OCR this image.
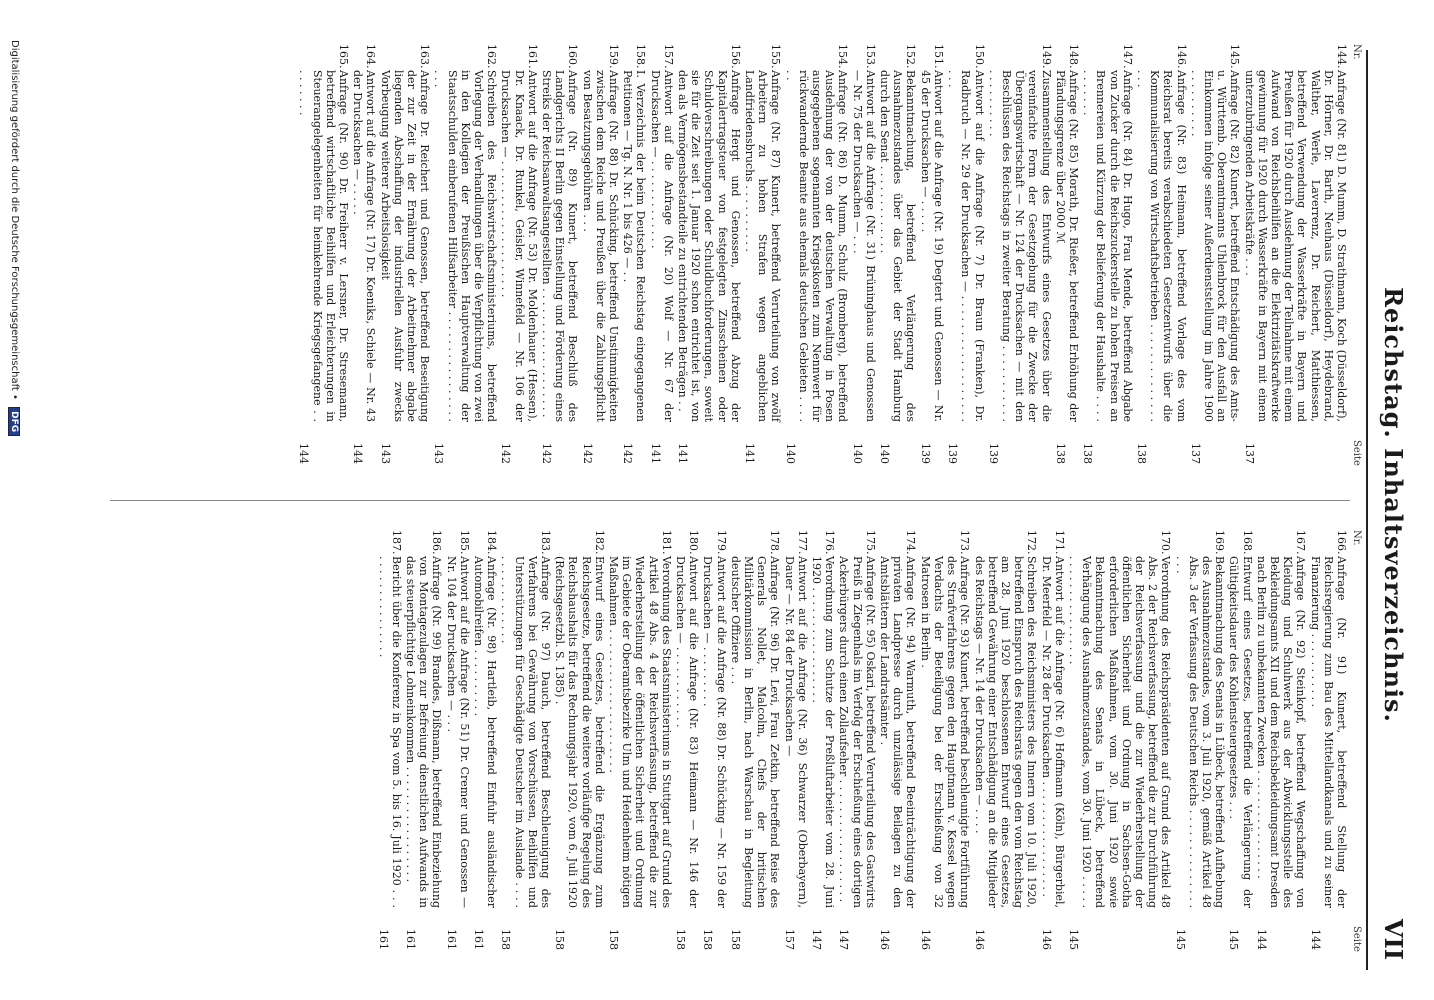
Reichstag. Inhaltsverzeichnis.
VII
Nr.
Seite
Nr.
Seite
144.
Anfrage (Nr. 81) D. Mumm, D. Strathmann, Koch (Düsseldorf), Dr. Hörner, Dr. Barth, Neuhaus (Düsseldorf), Heydebrand, Walther, Werle, Laverrenz, Dr. Reichert, Matthiessen, betreffend Verwendung der Wasserkräfte in Bayern und Preußen für 1920 durch Ausdehnung der Teilnahme mit einem Aufwand von Reichsbeihilfen an die Elektrizitätskraftwerke gewinnung für 1920 durch Wasserkräfte in Bayern mit einem unterzubringenden Arbeitskräfte . . .
137
145.
Anfrage (Nr. 82) Kunert, betreffend Entschädigung des Amts- u. Württemb. Oberamtmanns Uhlenbrock für den Ausfall an Einkommen infolge seiner Außerdienststellung im Jahre 1900 . . . . . . . . . .
137
146.
Anfrage (Nr. 83) Heimann, betreffend Vorlage des vom Reichsrat bereits verabschiedeten Gesetzentwurfs über die Kommunalisierung von Wirtschaftsbetrieben . . . . . . . . . . . . . . . . .
138
147.
Anfrage (Nr. 84) Dr. Hugo, Frau Mende, betreffend Abgabe von Zucker durch die Reichszuckerstelle zu hohen Preisen an Brennereien und Kürzung der Belieferung der Haushalte . . . . . . . . . . .
138
148.
Anfrage (Nr. 85) Morath, Dr. Rießer, betreffend Erhöhung der Pfändungsgrenze über 2000 ℳ
138
149.
Zusammenstellung des Entwurfs eines Gesetzes über die vereinfachte Form der Gesetzgebung für die Zwecke der Übergangswirtschaft — Nr. 124 der Drucksachen — mit den Beschlüssen des Reichstags in zweiter Beratung . . . . . . . . . . . . . . . . . . . . .
139
150.
Antwort auf die Anfrage (Nr. 7) Dr. Braun (Franken), Dr. Radbruch — Nr. 29 der Drucksachen — . . . . . . . . . . . . . . . . . . . . .
139
151.
Antwort auf die Anfrage (Nr. 19) Degtert und Genossen — Nr. 45 der Drucksachen — . . . . .
139
152.
Bekanntmachung, betreffend Verlängerung des Ausnahmezustandes über das Gebiet der Stadt Hamburg durch den Senat . . . . . . . . . . . . .
140
153.
Antwort auf die Anfrage (Nr. 31) Brüninghaus und Genossen — Nr. 75 der Drucksachen — . . .
140
154.
Anfrage (Nr. 86) D. Mumm, Schulz (Bromberg), betreffend Ausdehnung der von der deutschen Verwaltung in Posen ausgegebenen sogenannten Kriegskosten zum Nennwert für rückwandernde Beamte aus ehemals deutschen Gebieten . . . . . .
140
155.
Anfrage (Nr. 87) Kunert, betreffend Verurteilung von zwölf Arbeitern zu hohen Strafen wegen angeblichen Landfriedensbruchs . . . . . . . . . .
141
156.
Anfrage Hergt und Genossen, betreffend Abzug der Kapitalertragsteuer von festgelegten Zinsscheinen oder Schuldverschreibungen oder Schuldbuchforderungen, soweit sie für die Zeit seit 1. Januar 1920 schon entrichtet ist, von den als Vermögensbestandteile zu entrichtenden Beträgen . .
141
157.
Antwort auf die Anfrage (Nr. 20) Wolf — Nr. 67 der Drucksachen — . . . . . . . . . . . . .
141
158.
I. Verzeichnis der beim Deutschen Reichstag eingegangenen Petitionen — Tg. N. Nr. 1 bis 426 — . .
142
159.
Anfrage (Nr. 88) Dr. Schücking, betreffend Unstimmigkeiten zwischen dem Reiche und Preußen über die Zahlungspflicht von Besatzungsgebühren . . .
142
160.
Anfrage (Nr. 89) Kunert, betreffend Beschluß des Landgerichts II Berlin gegen Einstellung und Förderung eines Streiks der Reichsanwaltsangestellten . . . . . . . . . . . . . . . . . . .
142
161.
Antwort auf die Anfrage (Nr. 53) Dr. Moldenhauer (Hessen), Dr. Knaack, Dr. Runkel, Geisler, Winnefeld — Nr. 106 der Drucksachen — . . . . . . . . . . . . . . . . . . . .
142
162.
Schreiben des Reichswirtschaftsministeriums, betreffend Vorlegung der Verhandlungen über die Verpflichtung von zwei in den Kollegien der Preußischen Hauptverwaltung der Staatsschulden einberufenen Hilfsarbeiter . . . . . . . . . . . . . . . . . . .
143
163.
Anfrage Dr. Reichert und Genossen, betreffend Beseitigung der zur Zeit in der Ernährung der Arbeitnehmer abgabe liegenden Abschaffung der industriellen Ausfuhr zwecks Vorbeugung weiterer Arbeitslosigkeit
143
164.
Antwort auf die Anfrage (Nr. 17) Dr. Koeniks, Schiele — Nr. 43 der Drucksachen — . . . . .
144
165.
Anfrage (Nr. 90) Dr. Freiherr v. Lersner, Dr. Stresemann, betreffend wirtschaftliche Beihilfen und Erleichterungen in Steuerangelegenheiten für heimkehrende Kriegsgefangene . . . . . . . . .
144
166.
Anfrage (Nr. 91) Kunert, betreffend Stellung der Reichsregierung zum Bau des Mittellandkanals und zu seiner Finanzierung . . . . . . . . . . .
144
167.
Anfrage (Nr. 92) Steinkopf, betreffend Wegschaffung von Kleidung und Schuhwerk aus der Abwicklungsstelle des Bekleidungsamts XII und dem Reichsbekleidungsamt Dresden nach Berlin zu unbekannten Zwecken . . . . . . . . . . . . . . . .
144
168.
Entwurf eines Gesetzes, betreffend die Verlängerung der Gültigkeitsdauer des Kohlensteuergesetzes . . .
145
169.
Bekanntmachung des Senats in Lübeck, betreffend Aufhebung des Ausnahmezustandes, vom 3. Juli 1920, gemäß Artikel 48 Abs. 3 der Verfassung des Deutschen Reichs . . . . . . . . . . . . . . . . .
145
170.
Verordnung des Reichspräsidenten auf Grund des Artikel 48 Abs. 2 der Reichsverfassung, betreffend die zur Durchführung der Reichsverfassung und die zur Wiederherstellung der öffentlichen Sicherheit und Ordnung in Sachsen-Gotha erforderlichen Maßnahmen, vom 30. Juni 1920 sowie Bekanntmachung des Senats in Lübeck, betreffend Verhängung des Ausnahmezustandes, vom 30. Juni 1920 . . . . . . . . . . . . . . . . . . . . .
145
171.
Antwort auf die Anfrage (Nr. 6) Hoffmann (Köln), Bürgerbiel, Dr. Meerfeld — Nr. 28 der Drucksachen . . . . . . . . . . . . . . . . .
146
172.
Schreiben des Reichsministers des Innern vom 10. Juli 1920, betreffend Einspruch des Reichsrats gegen den vom Reichstag am 28. Juni 1920 beschlossenen Entwurf eines Gesetzes, betreffend Gewährung einer Entschädigung an die Mitglieder des Reichstags — Nr. 14 der Drucksachen — . . . .
146
173.
Anfrage (Nr. 93) Kunert, betreffend beschleunigte Fortführung des Strafverfahrens gegen den Hauptmann v. Kessel wegen Verdachts der Beteiligung bei der Erschießung von 32 Matrosen in Berlin .
146
174.
Anfrage (Nr. 94) Warmuth, betreffend Beeinträchtigung der privaten Landpresse durch unzulässige Beilagen zu den Amtsblättern der Landratsämter .
146
175.
Anfrage (Nr. 95) Oskari, betreffend Verurteilung des Gastwirts Preiß in Ziegenhals im Verfolg der Erschießung eines dortigen Ackerbürgers durch einen Zollaufseher . . . . . . . . . . . . . . . . . .
147
176.
Verordnung zum Schutze der Preßluftarbeiter vom 28. Juni 1920 . . . . . . . . . . . . . . . . .
147
177.
Antwort auf die Anfrage (Nr. 36) Schwarzer (Oberbayern), Dauer — Nr. 84 der Drucksachen —
157
178.
Anfrage (Nr. 96) Dr. Levi, Frau Zetkin, betreffend Reise des Generals Nollet, Malcolm, Chefs der britischen Militärkommission in Berlin, nach Warschau in Begleitung deutscher Offiziere . . .
158
179.
Antwort auf die Anfrage (Nr. 88) Dr. Schücking — Nr. 159 der Drucksachen — . . . . . . . . .
158
180.
Antwort auf die Anfrage (Nr. 83) Heimann — Nr. 146 der Drucksachen — . . . . . . . . . . . .
158
181.
Verordnung des Staatsministeriums in Stuttgart auf Grund des Artikel 48 Abs. 4 der Reichsverfassung, betreffend die zur Wiederherstellung der öffentlichen Sicherheit und Ordnung im Gebiete der Oberamtsbezirke Ulm und Heidenheim nötigen Maßnahmen . . . . . . . . . . . . . . . . . . . . .
158
182.
Entwurf eines Gesetzes, betreffend die Ergänzung zum Reichsgesetze, betreffend die weitere vorläufige Regelung des Reichshaushalts für das Rechnungsjahr 1920, vom 6. Juli 1920 (Reichsgesetzbl. S. 1385) .
158
183.
Anfrage (Nr. 97) Dauch, betreffend Beschleunigung des Verfahrens bei Gewährung von Vorschüssen, Beihilfen und Unterstützungen für Geschädigte Deutscher im Auslande . . . . . . . . . . . . . . . . .
158
184.
Anfrage (Nr. 98) Hartleib, betreffend Einfuhr ausländischer Automobilreifen . . . . . . . . . .
161
185.
Antwort auf die Anfrage (Nr. 51) Dr. Cremer und Genossen — Nr. 104 der Drucksachen — . . .
161
186.
Anfrage (Nr. 99) Brandes, Dißmann, betreffend Einbeziehung von Montagezulagen zur Befreiung dienstlichen Aufwands in das steuerpflichtige Lohneinkommen . . . . . . . . . . . . . . . . .
161
187.
Bericht über die Konferenz in Spa vom 5. bis 16. Juli 1920 . . . . . . . . . . . . . . . . . .
161
Digitalisierung gefördert durch die Deutsche Forschungsgemeinschaft • DFG
